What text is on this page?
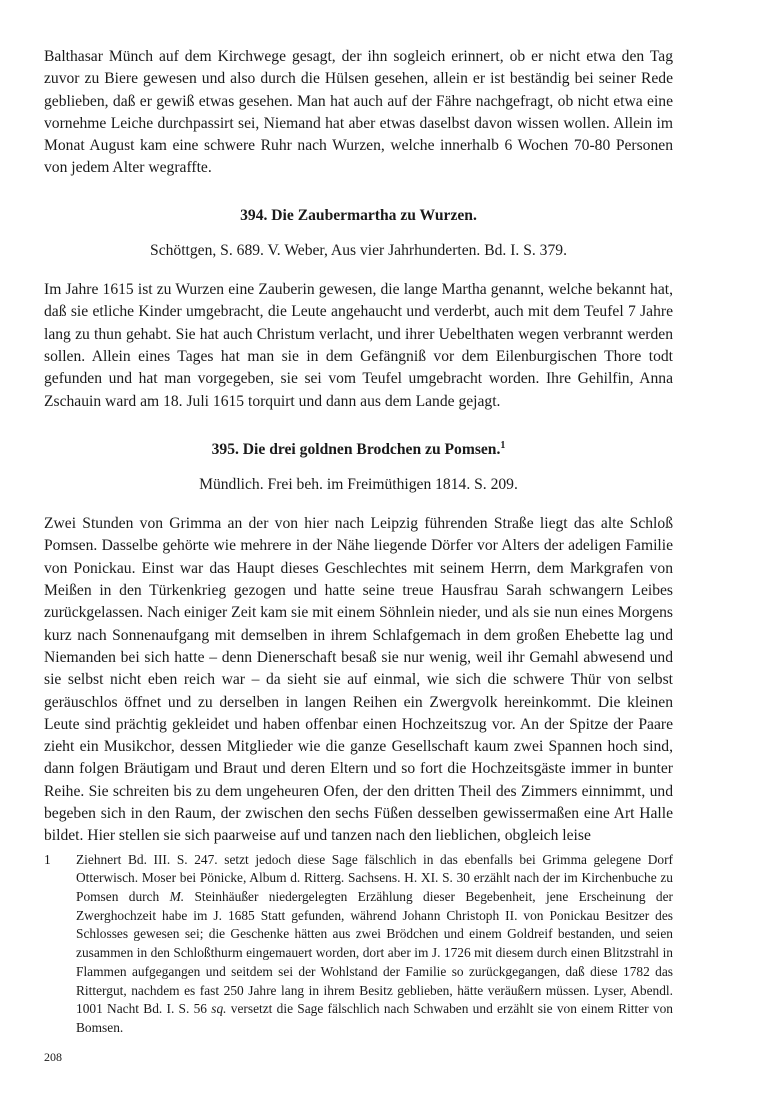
Balthasar Münch auf dem Kirchwege gesagt, der ihn sogleich erinnert, ob er nicht etwa den Tag zuvor zu Biere gewesen und also durch die Hülsen gesehen, allein er ist beständig bei seiner Rede geblieben, daß er gewiß etwas gesehen. Man hat auch auf der Fähre nachgefragt, ob nicht etwa eine vornehme Leiche durchpassirt sei, Niemand hat aber etwas daselbst davon wissen wollen. Allein im Monat August kam eine schwere Ruhr nach Wurzen, welche innerhalb 6 Wochen 70-80 Personen von jedem Alter wegraffte.

394. Die Zaubermartha zu Wurzen.

Schöttgen, S. 689. V. Weber, Aus vier Jahrhunderten. Bd. I. S. 379.

Im Jahre 1615 ist zu Wurzen eine Zauberin gewesen, die lange Martha genannt, welche bekannt hat, daß sie etliche Kinder umgebracht, die Leute angehaucht und verderbt, auch mit dem Teufel 7 Jahre lang zu thun gehabt. Sie hat auch Christum verlacht, und ihrer Uebelthaten wegen verbrannt werden sollen. Allein eines Tages hat man sie in dem Gefängniß vor dem Eilenburgischen Thore todt gefunden und hat man vorgegeben, sie sei vom Teufel umgebracht worden. Ihre Gehilfin, Anna Zschauin ward am 18. Juli 1615 torquirt und dann aus dem Lande gejagt.

395. Die drei goldnen Brodchen zu Pomsen.$^1$

Mündlich. Frei beh. im Freimüthigen 1814. S. 209.

Zwei Stunden von Grimma an der von hier nach Leipzig führenden Straße liegt das alte Schloß Pomsen. Dasselbe gehörte wie mehrere in der Nähe liegende Dörfer vor Alters der adeligen Familie von Ponickau. Einst war das Haupt dieses Geschlechtes mit seinem Herrn, dem Markgrafen von Meißen in den Türkenkrieg gezogen und hatte seine treue Hausfrau Sarah schwangern Leibes zurückgelassen. Nach einiger Zeit kam sie mit einem Söhnlein nieder, und als sie nun eines Morgens kurz nach Sonnenaufgang mit demselben in ihrem Schlafgemach in dem großen Ehebette lag und Niemanden bei sich hatte – denn Dienerschaft besaß sie nur wenig, weil ihr Gemahl abwesend und sie selbst nicht eben reich war – da sieht sie auf einmal, wie sich die schwere Thür von selbst geräuschlos öffnet und zu derselben in langen Reihen ein Zwergvolk hereinkommt. Die kleinen Leute sind prächtig gekleidet und haben offenbar einen Hochzeitszug vor. An der Spitze der Paare zieht ein Musikchor, dessen Mitglieder wie die ganze Gesellschaft kaum zwei Spannen hoch sind, dann folgen Bräutigam und Braut und deren Eltern und so fort die Hochzeitsgäste immer in bunter Reihe. Sie schreiten bis zu dem ungeheuren Ofen, der den dritten Theil des Zimmers einnimmt, und begeben sich in den Raum, der zwischen den sechs Füßen desselben gewissermaßen eine Art Halle bildet. Hier stellen sie sich paarweise auf und tanzen nach den lieblichen, obgleich leise

1	Ziehnert Bd. III. S. 247. setzt jedoch diese Sage fälschlich in das ebenfalls bei Grimma gelegene Dorf Otterwisch. Moser bei Pönicke, Album d. Ritterg. Sachsens. H. XI. S. 30 erzählt nach der im Kirchenbuche zu Pomsen durch M. Steinhäußer niedergelegten Erzählung dieser Begebenheit, jene Erscheinung der Zwerghochzeit habe im J. 1685 Statt gefunden, während Johann Christoph II. von Ponickau Besitzer des Schlosses gewesen sei; die Geschenke hätten aus zwei Brödchen und einem Goldreif bestanden, und seien zusammen in den Schloßthurm eingemauert worden, dort aber im J. 1726 mit diesem durch einen Blitzstrahl in Flammen aufgegangen und seitdem sei der Wohlstand der Familie so zurückgegangen, daß diese 1782 das Rittergut, nachdem es fast 250 Jahre lang in ihrem Besitz geblieben, hätte veräußern müssen. Lyser, Abendl. 1001 Nacht Bd. I. S. 56 sq. versetzt die Sage fälschlich nach Schwaben und erzählt sie von einem Ritter von Bomsen.
208
